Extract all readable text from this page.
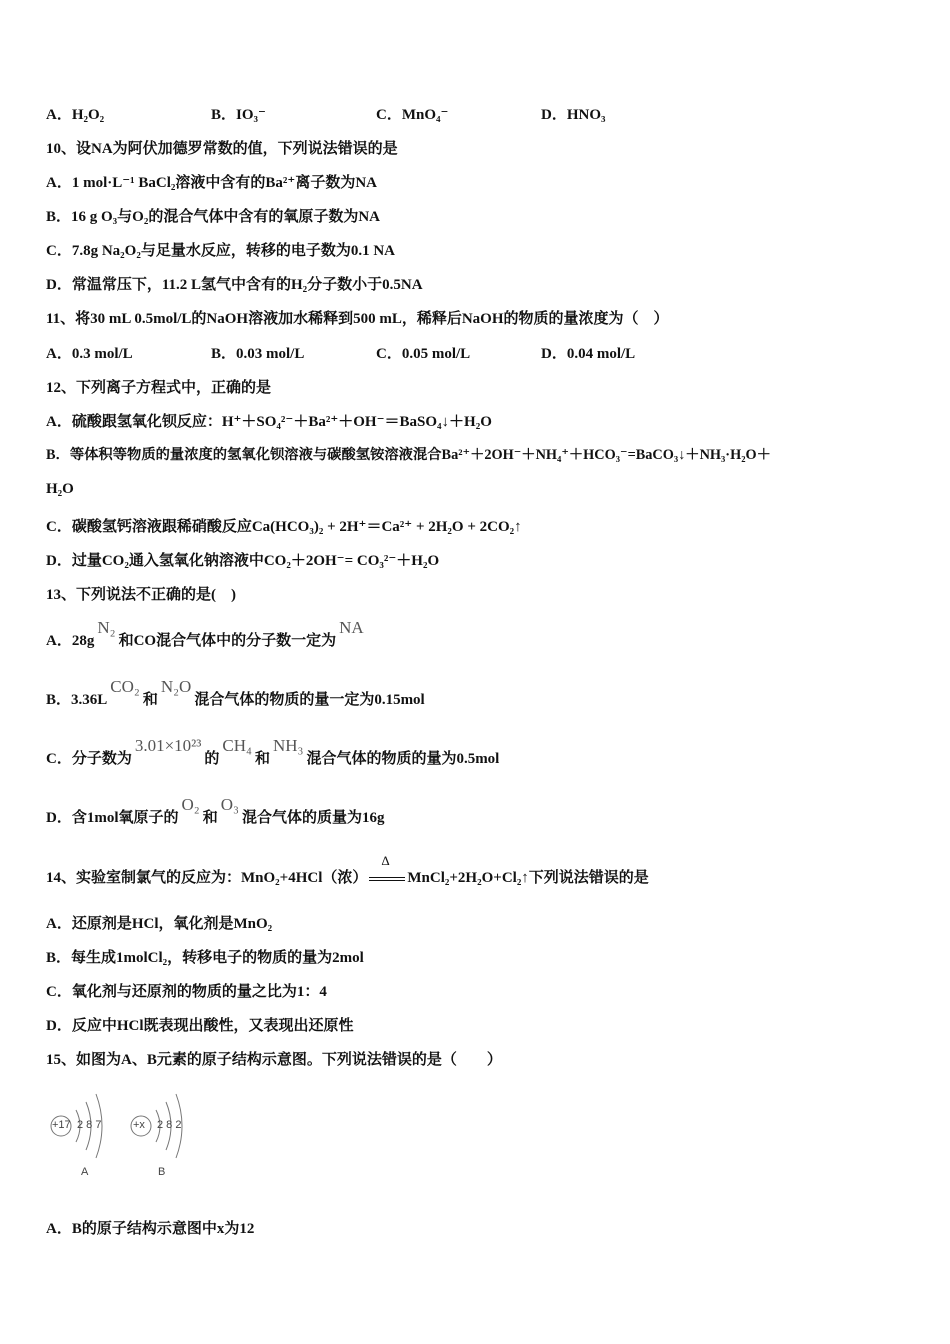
A．H₂O₂	B．IO₃⁻	C．MnO₄⁻	D．HNO₃
10、设NA为阿伏加德罗常数的值，下列说法错误的是
A．1 mol·L⁻¹ BaCl₂溶液中含有的Ba²⁺离子数为NA
B．16 g O₃与O₂的混合气体中含有的氧原子数为NA
C．7.8g Na₂O₂与足量水反应，转移的电子数为0.1 NA
D．常温常压下，11.2 L氢气中含有的H₂分子数小于0.5NA
11、将30 mL 0.5mol/L的NaOH溶液加水稀释到500 mL，稀释后NaOH的物质的量浓度为（　）
A．0.3 mol/L	B．0.03 mol/L	C．0.05 mol/L	D．0.04 mol/L
12、下列离子方程式中，正确的是
A．硫酸跟氢氧化钡反应：H⁺＋SO₄²⁻＋Ba²⁺＋OH⁻＝BaSO₄↓＋H₂O
B．等体积等物质的量浓度的氢氧化钡溶液与碳酸氢铵溶液混合Ba²⁺＋2OH⁻＋NH₄⁺＋HCO₃⁻=BaCO₃↓＋NH₃·H₂O＋
H₂O
C．碳酸氢钙溶液跟稀硝酸反应Ca(HCO₃)₂ + 2H⁺＝Ca²⁺ + 2H₂O + 2CO₂↑
D．过量CO₂通入氢氧化钠溶液中CO₂＋2OH⁻= CO₃²⁻＋H₂O
13、下列说法不正确的是(　)
A．28gN₂和CO混合气体中的分子数一定为NA
B．3.36LCO₂和N₂O混合气体的物质的量一定为0.15mol
C．分子数为3.01×10²³的CH₄和NH₃混合气体的物质的量为0.5mol
D．含1mol氧原子的O₂和O₃混合气体的质量为16g
14、实验室制氯气的反应为：MnO₂+4HCl（浓）
Δ
MnCl₂+2H₂O+Cl₂↑下列说法错误的是
A．还原剂是HCl，氧化剂是MnO₂
B．每生成1molCl₂，转移电子的物质的量为2mol
C．氧化剂与还原剂的物质的量之比为1：4
D．反应中HCl既表现出酸性，又表现出还原性
15、如图为A、B元素的原子结构示意图。下列说法错误的是（　　）
+17 2 8 7
A
+x 2 8 2
B
A．B的原子结构示意图中x为12
